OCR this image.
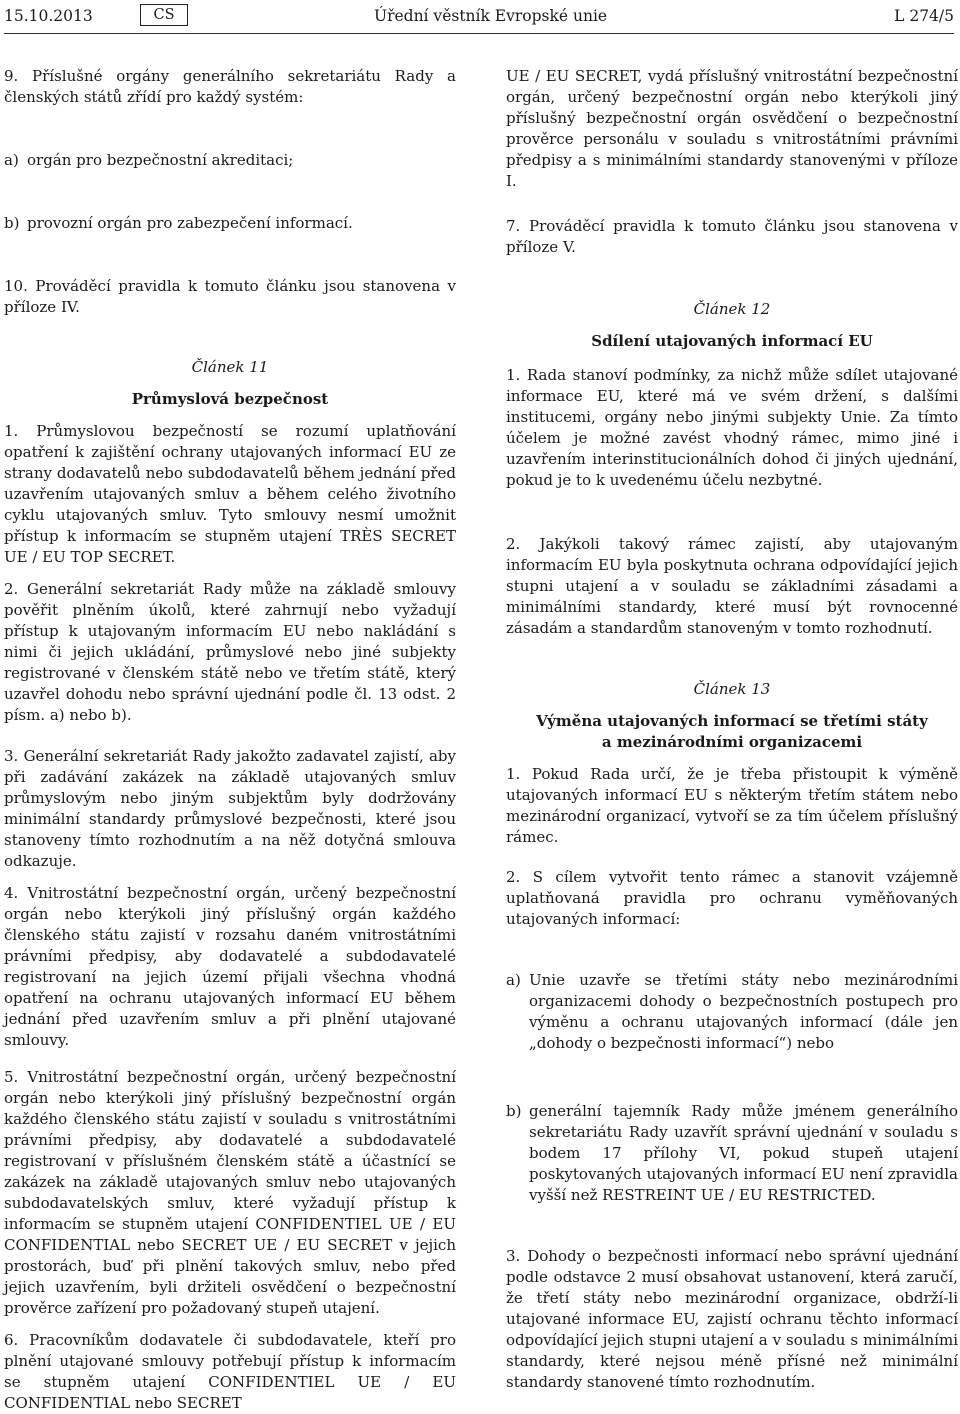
15.10.2013	CS	Úřední věstník Evropské unie	L 274/5

9. Příslušné orgány generálního sekretariátu Rady a členských států zřídí pro každý systém:

a) orgán pro bezpečnostní akreditaci;
b) provozní orgán pro zabezpečení informací.

10. Prováděcí pravidla k tomuto článku jsou stanovena v příloze IV.

Článek 11

Průmyslová bezpečnost

1. Průmyslovou bezpečností se rozumí uplatňování opatření k zajištění ochrany utajovaných informací EU ze strany dodavatelů nebo subdodavatelů během jednání před uzavřením utajovaných smluv a během celého životního cyklu utajovaných smluv. Tyto smlouvy nesmí umožnit přístup k informacím se stupněm utajení TRÈS SECRET UE / EU TOP SECRET.

2. Generální sekretariát Rady může na základě smlouvy pověřit plněním úkolů, které zahrnují nebo vyžadují přístup k utajovaným informacím EU nebo nakládání s nimi či jejich ukládání, průmyslové nebo jiné subjekty registrované v členském státě nebo ve třetím státě, který uzavřel dohodu nebo správní ujednání podle čl. 13 odst. 2 písm. a) nebo b).

3. Generální sekretariát Rady jakožto zadavatel zajistí, aby při zadávání zakázek na základě utajovaných smluv průmyslovým nebo jiným subjektům byly dodržovány minimální standardy průmyslové bezpečnosti, které jsou stanoveny tímto rozhodnutím a na něž dotyčná smlouva odkazuje.

4. Vnitrostátní bezpečnostní orgán, určený bezpečnostní orgán nebo kterýkoli jiný příslušný orgán každého členského státu zajistí v rozsahu daném vnitrostátními právními předpisy, aby dodavatelé a subdodavatelé registrovaní na jejich území přijali všechna vhodná opatření na ochranu utajovaných informací EU během jednání před uzavřením smluv a při plnění utajované smlouvy.

5. Vnitrostátní bezpečnostní orgán, určený bezpečnostní orgán nebo kterýkoli jiný příslušný bezpečnostní orgán každého členského státu zajistí v souladu s vnitrostátními právními předpisy, aby dodavatelé a subdodavatelé registrovaní v příslušném členském státě a účastnící se zakázek na základě utajovaných smluv nebo utajovaných subdodavatelských smluv, které vyžadují přístup k informacím se stupněm utajení CONFIDENTIEL UE / EU CONFIDENTIAL nebo SECRET UE / EU SECRET v jejich prostorách, buď při plnění takových smluv, nebo před jejich uzavřením, byli držiteli osvědčení o bezpečnostní prověrce zařízení pro požadovaný stupeň utajení.

6. Pracovníkům dodavatele či subdodavatele, kteří pro plnění utajované smlouvy potřebují přístup k informacím se stupněm utajení CONFIDENTIEL UE / EU CONFIDENTIAL nebo SECRET

UE / EU SECRET, vydá příslušný vnitrostátní bezpečnostní orgán, určený bezpečnostní orgán nebo kterýkoli jiný příslušný bezpečnostní orgán osvědčení o bezpečnostní prověrce personálu v souladu s vnitrostátními právními předpisy a s minimálními standardy stanovenými v příloze I.

7. Prováděcí pravidla k tomuto článku jsou stanovena v příloze V.

Článek 12

Sdílení utajovaných informací EU

1. Rada stanoví podmínky, za nichž může sdílet utajované informace EU, které má ve svém držení, s dalšími institucemi, orgány nebo jinými subjekty Unie. Za tímto účelem je možné zavést vhodný rámec, mimo jiné i uzavřením interinstitucionálních dohod či jiných ujednání, pokud je to k uvedenému účelu nezbytné.

2. Jakýkoli takový rámec zajistí, aby utajovaným informacím EU byla poskytnuta ochrana odpovídající jejich stupni utajení a v souladu se základními zásadami a minimálními standardy, které musí být rovnocenné zásadám a standardům stanoveným v tomto rozhodnutí.

Článek 13

Výměna utajovaných informací se třetími státy

a mezinárodními organizacemi

1. Pokud Rada určí, že je třeba přistoupit k výměně utajovaných informací EU s některým třetím státem nebo mezinárodní organizací, vytvoří se za tím účelem příslušný rámec.

2. S cílem vytvořit tento rámec a stanovit vzájemně uplatňovaná pravidla pro ochranu vyměňovaných utajovaných informací:

a) Unie uzavře se třetími státy nebo mezinárodními organizacemi dohody o bezpečnostních postupech pro výměnu a ochranu utajovaných informací (dále jen „dohody o bezpečnosti informací“) nebo
b) generální tajemník Rady může jménem generálního sekretariátu Rady uzavřít správní ujednání v souladu s bodem 17 přílohy VI, pokud stupeň utajení poskytovaných utajovaných informací EU není zpravidla vyšší než RESTREINT UE / EU RESTRICTED.

3. Dohody o bezpečnosti informací nebo správní ujednání podle odstavce 2 musí obsahovat ustanovení, která zaručí, že třetí státy nebo mezinárodní organizace, obdrží-li utajované informace EU, zajistí ochranu těchto informací odpovídající jejich stupni utajení a v souladu s minimálními standardy, které nejsou méně přísné než minimální standardy stanovené tímto rozhodnutím.
